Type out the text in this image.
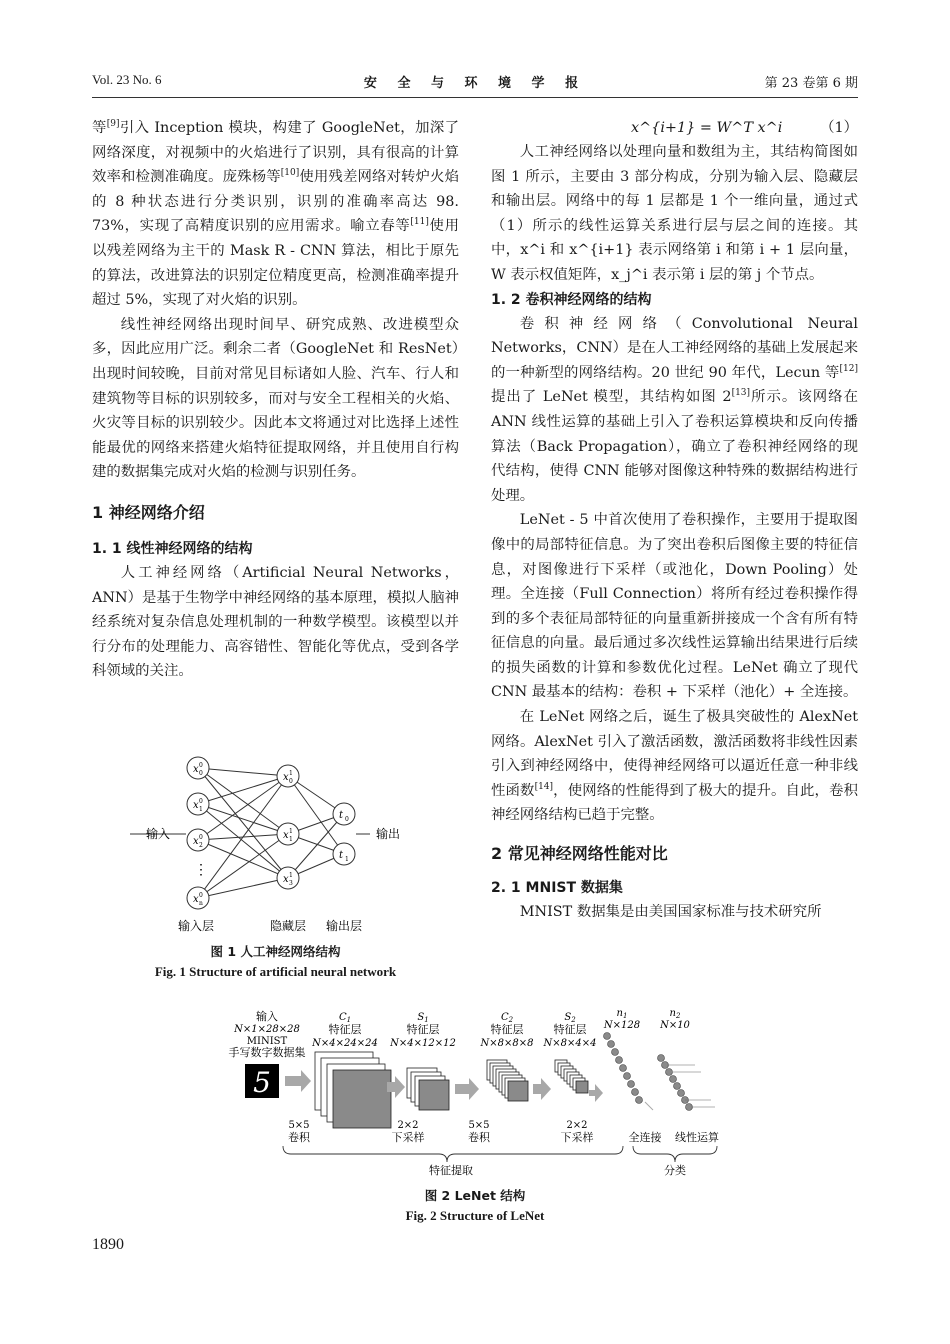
Vol. 23 No. 6	安 全 与 环 境 学 报	第 23 卷第 6 期

等[9]引入 Inception 模块，构建了 GoogleNet，加深了网络深度，对视频中的火焰进行了识别，具有很高的计算效率和检测准确度。庞殊杨等[10]使用残差网络对转炉火焰的 8 种状态进行分类识别，识别的准确率高达 98. 73%，实现了高精度识别的应用需求。喻立春等[11]使用以残差网络为主干的 Mask R - CNN 算法，相比于原先的算法，改进算法的识别定位精度更高，检测准确率提升超过 5%，实现了对火焰的识别。

线性神经网络出现时间早、研究成熟、改进模型众多，因此应用广泛。剩余二者（GoogleNet 和 ResNet）出现时间较晚，目前对常见目标诸如人脸、汽车、行人和建筑物等目标的识别较多，而对与安全工程相关的火焰、火灾等目标的识别较少。因此本文将通过对比选择上述性能最优的网络来搭建火焰特征提取网络，并且使用自行构建的数据集完成对火焰的检测与识别任务。

1 神经网络介绍

1. 1 线性神经网络的结构

人工神经网络（Artificial Neural Networks，ANN）是基于生物学中神经网络的基本原理，模拟人脑神经系统对复杂信息处理机制的一种数学模型。该模型以并行分布的处理能力、高容错性、智能化等优点，受到各学科领域的关注。

x 0
0
x 0
1
x 0
2
x 0
n
x 1
0
x 1
1
x 1
3
t 0
t 1
输入	输出
⋮
输入层	隐藏层 输出层
图 1 人工神经网络结构
Fig. 1 Structure of artificial neural network
x^{i+1} = W^T x^i	（1）

人工神经网络以处理向量和数组为主，其结构简图如图 1 所示，主要由 3 部分构成，分别为输入层、隐藏层和输出层。网络中的每 1 层都是 1 个一维向量，通过式（1）所示的线性运算关系进行层与层之间的连接。其中，x^i 和 x^{i+1} 表示网络第 i 和第 i + 1 层向量，W 表示权值矩阵，x_j^i 表示第 i 层的第 j 个节点。

1. 2 卷积神经网络的结构

卷积神经网络（Convolutional Neural Networks，CNN）是在人工神经网络的基础上发展起来的一种新型的网络结构。20 世纪 90 年代，Lecun 等[12]提出了 LeNet 模型，其结构如图 2[13]所示。该网络在 ANN 线性运算的基础上引入了卷积运算模块和反向传播算法（Back Propagation），确立了卷积神经网络的现代结构，使得 CNN 能够对图像这种特殊的数据结构进行处理。

LeNet - 5 中首次使用了卷积操作，主要用于提取图像中的局部特征信息。为了突出卷积后图像主要的特征信息，对图像进行下采样（或池化，Down Pooling）处理。全连接（Full Connection）将所有经过卷积操作得到的多个表征局部特征的向量重新拼接成一个含有所有特征信息的向量。最后通过多次线性运算输出结果进行后续的损失函数的计算和参数优化过程。LeNet 确立了现代 CNN 最基本的结构：卷积 + 下采样（池化）+ 全连接。

在 LeNet 网络之后，诞生了极具突破性的 AlexNet 网络。AlexNet 引入了激活函数，激活函数将非线性因素引入到神经网络中，使得神经网络可以逼近任意一种非线性函数[14]，使网络的性能得到了极大的提升。自此，卷积神经网络结构已趋于完整。

2 常见神经网络性能对比

2. 1 MNIST 数据集

MNIST 数据集是由美国国家标准与技术研究所

输入
N×1×28×28
MINIST
手写数字数据集
5
$C_1$
特征层
N×4×24×24
$S_1$
特征层
N×4×12×12
$C_2$
特征层
N×8×8×8
$S_2$
特征层
N×8×4×4
$n_1$
N×128
$n_2$
N×10
5×5
卷积
2×2
下采样
5×5
卷积
2×2
下采样	全连接 线性运算
特征提取	分类
图 2 LeNet 结构
Fig. 2 Structure of LeNet
1890
